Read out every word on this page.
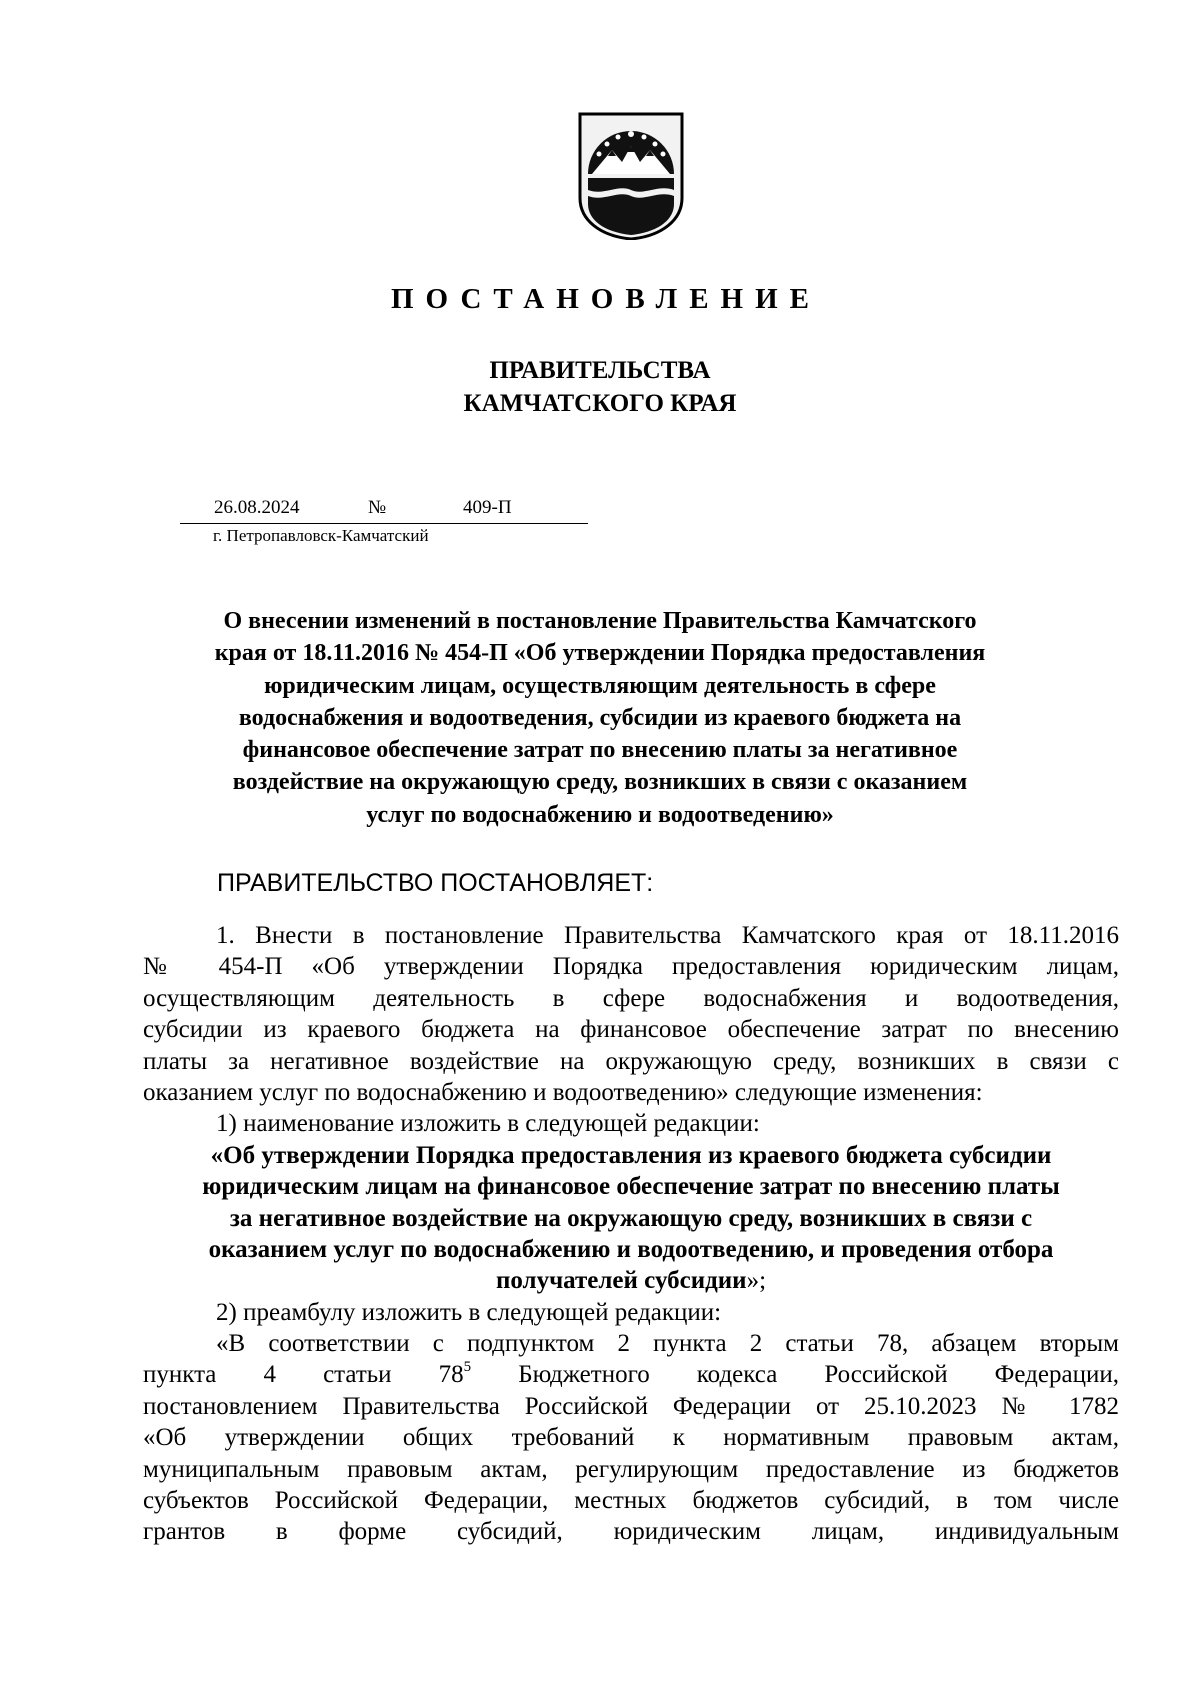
ПОСТАНОВЛЕНИЕ
ПРАВИТЕЛЬСТВА
КАМЧАТСКОГО КРАЯ
26.08.2024	№	409-П
г. Петропавловск-Камчатский
О внесении изменений в постановление Правительства Камчатского
края от 18.11.2016 № 454-П «Об утверждении Порядка предоставления
юридическим лицам, осуществляющим деятельность в сфере
водоснабжения и водоотведения, субсидии из краевого бюджета на
финансовое обеспечение затрат по внесению платы за негативное
воздействие на окружающую среду, возникших в связи с оказанием
услуг по водоснабжению и водоотведению»
ПРАВИТЕЛЬСТВО ПОСТАНОВЛЯЕТ:
1. Внести в постановление Правительства Камчатского края от 18.11.2016
№ 454-П «Об утверждении Порядка предоставления юридическим лицам,
осуществляющим деятельность в сфере водоснабжения и водоотведения,
субсидии из краевого бюджета на финансовое обеспечение затрат по внесению
платы за негативное воздействие на окружающую среду, возникших в связи с
оказанием услуг по водоснабжению и водоотведению» следующие изменения:
1) наименование изложить в следующей редакции:
«Об утверждении Порядка предоставления из краевого бюджета субсидии
юридическим лицам на финансовое обеспечение затрат по внесению платы
за негативное воздействие на окружающую среду, возникших в связи с
оказанием услуг по водоснабжению и водоотведению, и проведения отбора
получателей субсидии»;
2) преамбулу изложить в следующей редакции:
«В соответствии с подпунктом 2 пункта 2 статьи 78, абзацем вторым
пункта 4 статьи $78^5$ Бюджетного кодекса Российской Федерации,
постановлением Правительства Российской Федерации от 25.10.2023 № 1782
«Об утверждении общих требований к нормативным правовым актам,
муниципальным правовым актам, регулирующим предоставление из бюджетов
субъектов Российской Федерации, местных бюджетов субсидий, в том числе
грантов в форме субсидий, юридическим лицам, индивидуальным
